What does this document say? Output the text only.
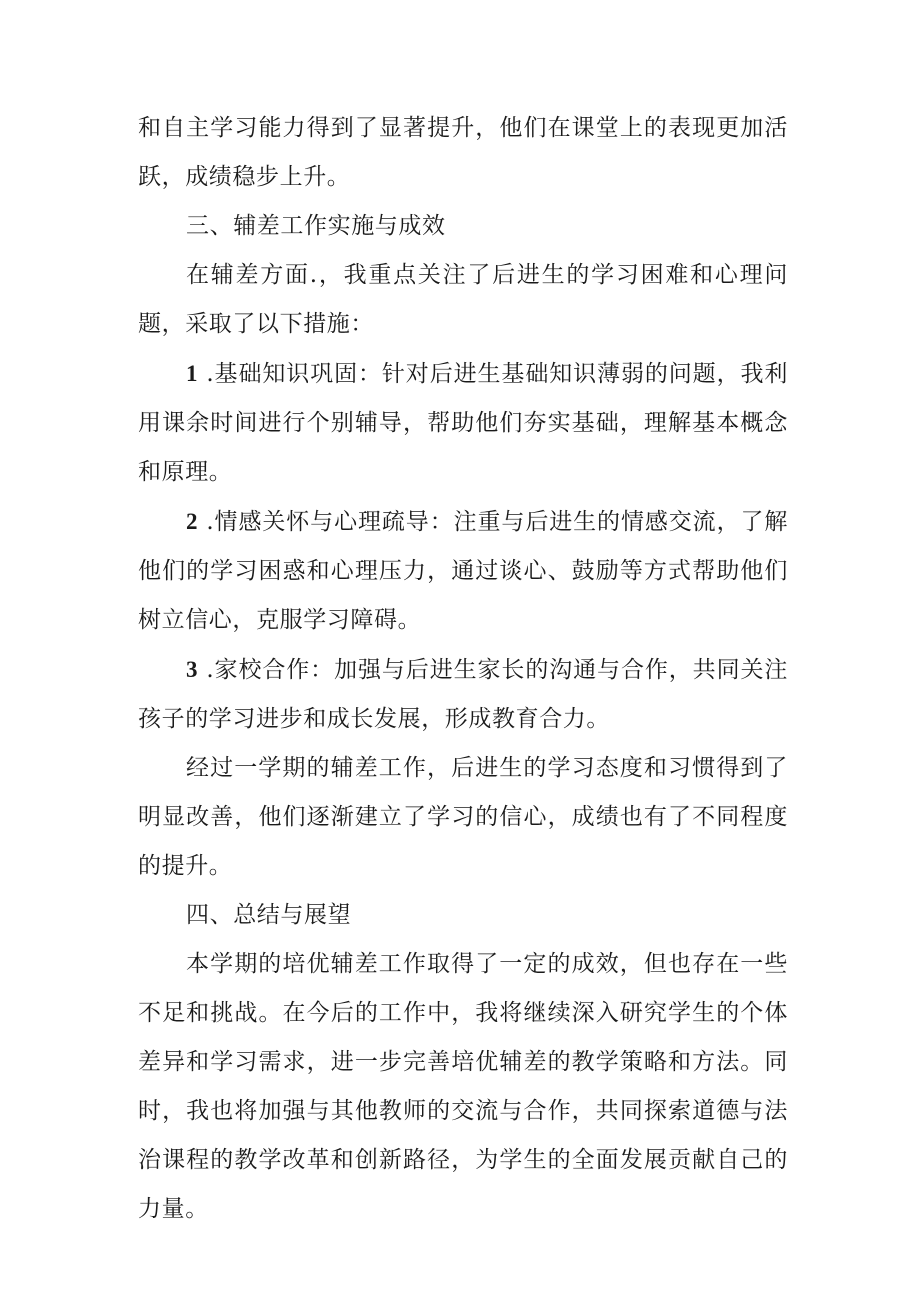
和自主学习能力得到了显著提升，他们在课堂上的表现更加活跃，成绩稳步上升。

三、辅差工作实施与成效

在辅差方面.，我重点关注了后进生的学习困难和心理问题，采取了以下措施：

1 .基础知识巩固：针对后进生基础知识薄弱的问题，我利用课余时间进行个别辅导，帮助他们夯实基础，理解基本概念和原理。

2 .情感关怀与心理疏导：注重与后进生的情感交流，了解他们的学习困惑和心理压力，通过谈心、鼓励等方式帮助他们树立信心，克服学习障碍。

3 .家校合作：加强与后进生家长的沟通与合作，共同关注孩子的学习进步和成长发展，形成教育合力。

经过一学期的辅差工作，后进生的学习态度和习惯得到了明显改善，他们逐渐建立了学习的信心，成绩也有了不同程度的提升。

四、总结与展望

本学期的培优辅差工作取得了一定的成效，但也存在一些不足和挑战。在今后的工作中，我将继续深入研究学生的个体差异和学习需求，进一步完善培优辅差的教学策略和方法。同时，我也将加强与其他教师的交流与合作，共同探索道德与法治课程的教学改革和创新路径，为学生的全面发展贡献自己的力量。
